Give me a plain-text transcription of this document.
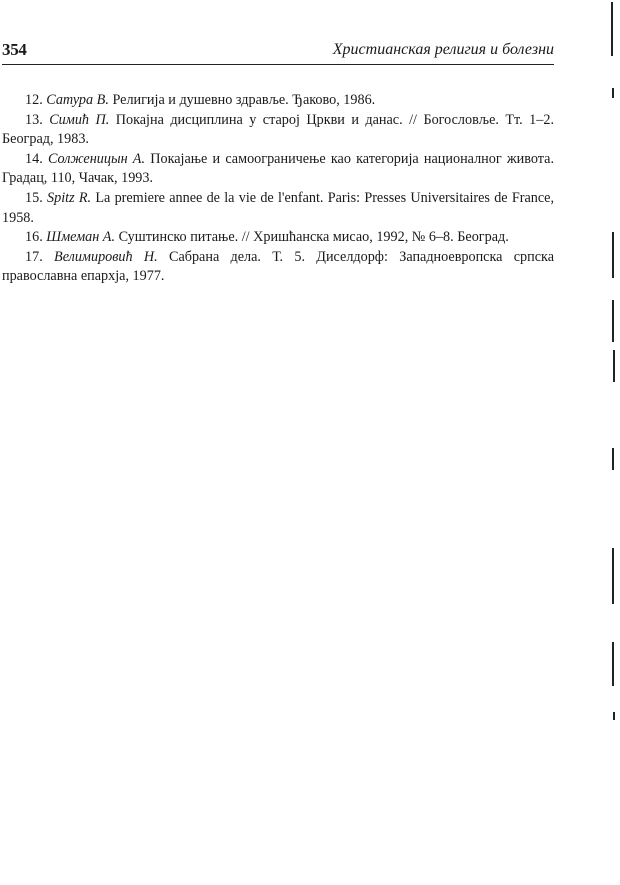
354	Христианская религия и болезни

12. Сатура В. Религија и душевно здравље. Ђаково, 1986.

13. Симић П. Покајна дисциплина у старој Цркви и данас. // Богословље. Тт. 1–2. Београд, 1983.

14. Солженицын А. Покајање и самоограничење као категорија националног живота. Градац, 110, Чачак, 1993.

15. Spitz R. La premiere annee de la vie de l'enfant. Paris: Presses Universitaires de France, 1958.

16. Шмеман А. Суштинско питање. // Хришћанска мисао, 1992, № 6–8. Београд.

17. Велимировић Н. Сабрана дела. Т. 5. Диселдорф: Западноевропска српска православна епархја, 1977.
